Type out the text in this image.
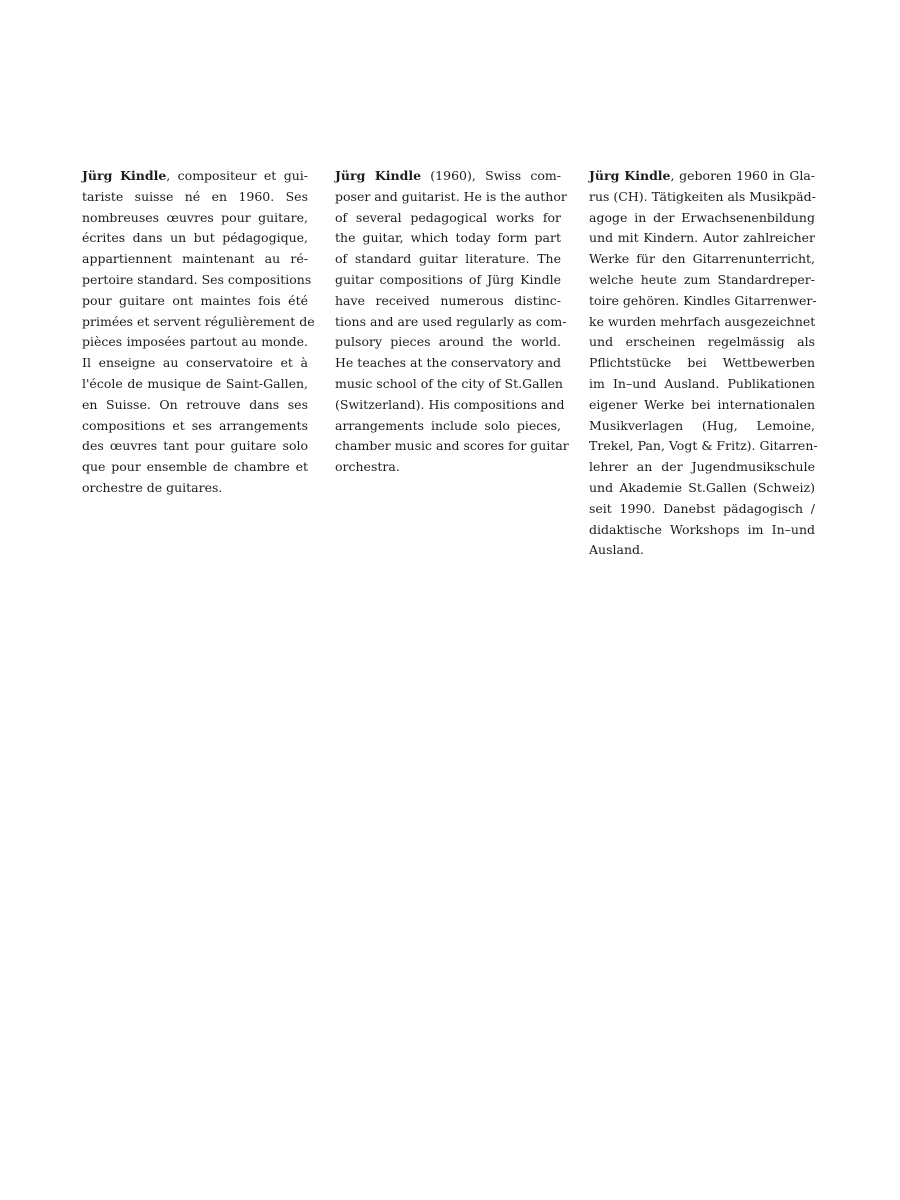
Jürg Kindle, compositeur et gui-
tariste suisse né en 1960. Ses
nombreuses œuvres pour guitare,
écrites dans un but pédagogique,
appartiennent maintenant au ré-
pertoire standard. Ses compositions
pour guitare ont maintes fois été
primées et servent régulièrement de
pièces imposées partout au monde.
Il enseigne au conservatoire et à
l'école de musique de Saint-Gallen,
en Suisse. On retrouve dans ses
compositions et ses arrangements
des œuvres tant pour guitare solo
que pour ensemble de chambre et
orchestre de guitares.
Jürg Kindle (1960), Swiss com-
poser and guitarist. He is the author
of several pedagogical works for
the guitar, which today form part
of standard guitar literature. The
guitar compositions of Jürg Kindle
have received numerous distinc-
tions and are used regularly as com-
pulsory pieces around the world.
He teaches at the conservatory and
music school of the city of St.Gallen
(Switzerland). His compositions and
arrangements include solo pieces,
chamber music and scores for guitar
orchestra.
Jürg Kindle, geboren 1960 in Gla-
rus (CH). Tätigkeiten als Musikpäd-
agoge in der Erwachsenenbildung
und mit Kindern. Autor zahlreicher
Werke für den Gitarrenunterricht,
welche heute zum Standardreper-
toire gehören. Kindles Gitarrenwer-
ke wurden mehrfach ausgezeichnet
und erscheinen regelmässig als
Pflichtstücke bei Wettbewerben
im In–und Ausland. Publikationen
eigener Werke bei internationalen
Musikverlagen (Hug, Lemoine,
Trekel, Pan, Vogt & Fritz). Gitarren-
lehrer an der Jugendmusikschule
und Akademie St.Gallen (Schweiz)
seit 1990. Danebst pädagogisch /
didaktische Workshops im In–und
Ausland.
